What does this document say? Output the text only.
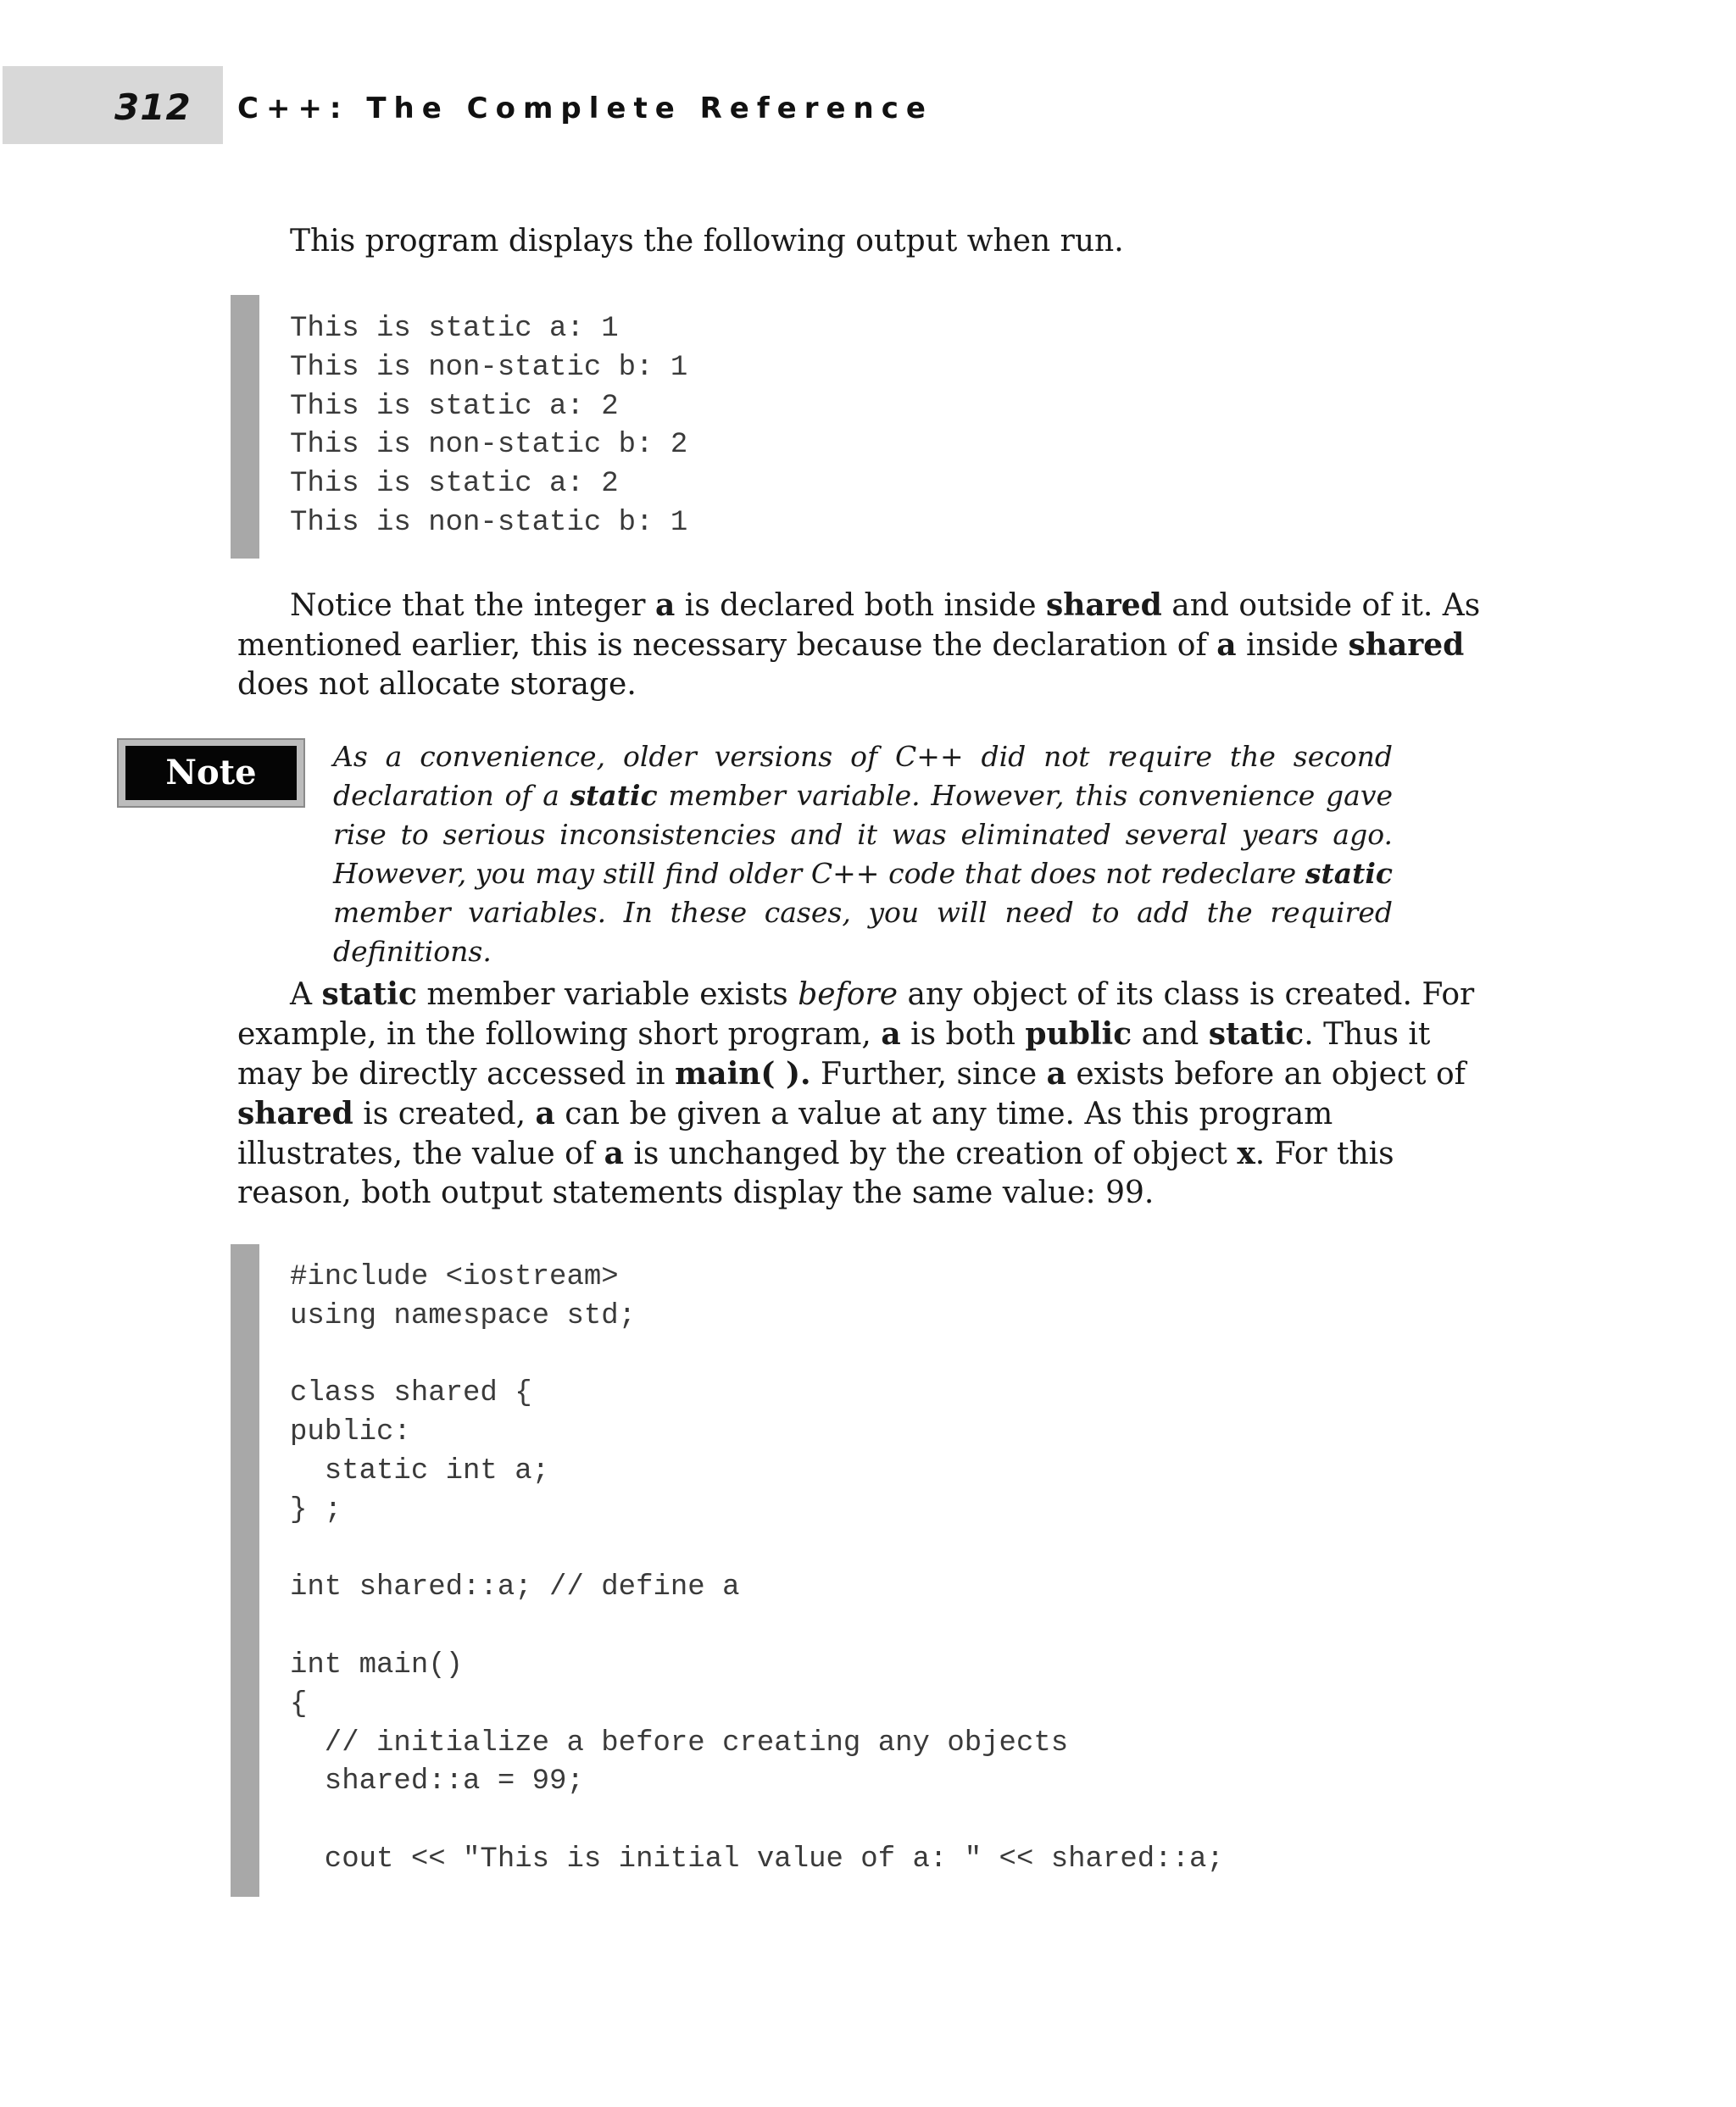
312 C++: The Complete Reference
This program displays the following output when run.
This is static a: 1
This is non-static b: 1
This is static a: 2
This is non-static b: 2
This is static a: 2
This is non-static b: 1
Notice that the integer a is declared both inside shared and outside of it. As mentioned earlier, this is necessary because the declaration of a inside shared does not allocate storage.
Note	As a convenience, older versions of C++ did not require the second declaration of a static member variable. However, this convenience gave rise to serious inconsistencies and it was eliminated several years ago. However, you may still find older C++ code that does not redeclare static member variables. In these cases, you will need to add the required definitions.
A static member variable exists before any object of its class is created. For example, in the following short program, a is both public and static. Thus it may be directly accessed in main( ). Further, since a exists before an object of shared is created, a can be given a value at any time. As this program illustrates, the value of a is unchanged by the creation of object x. For this reason, both output statements display the same value: 99.
#include <iostream>
using namespace std;
class shared {
public:
static int a;
} ;
int shared::a; // define a
int main()
{
// initialize a before creating any objects
shared::a = 99;
cout << "This is initial value of a: " << shared::a;
